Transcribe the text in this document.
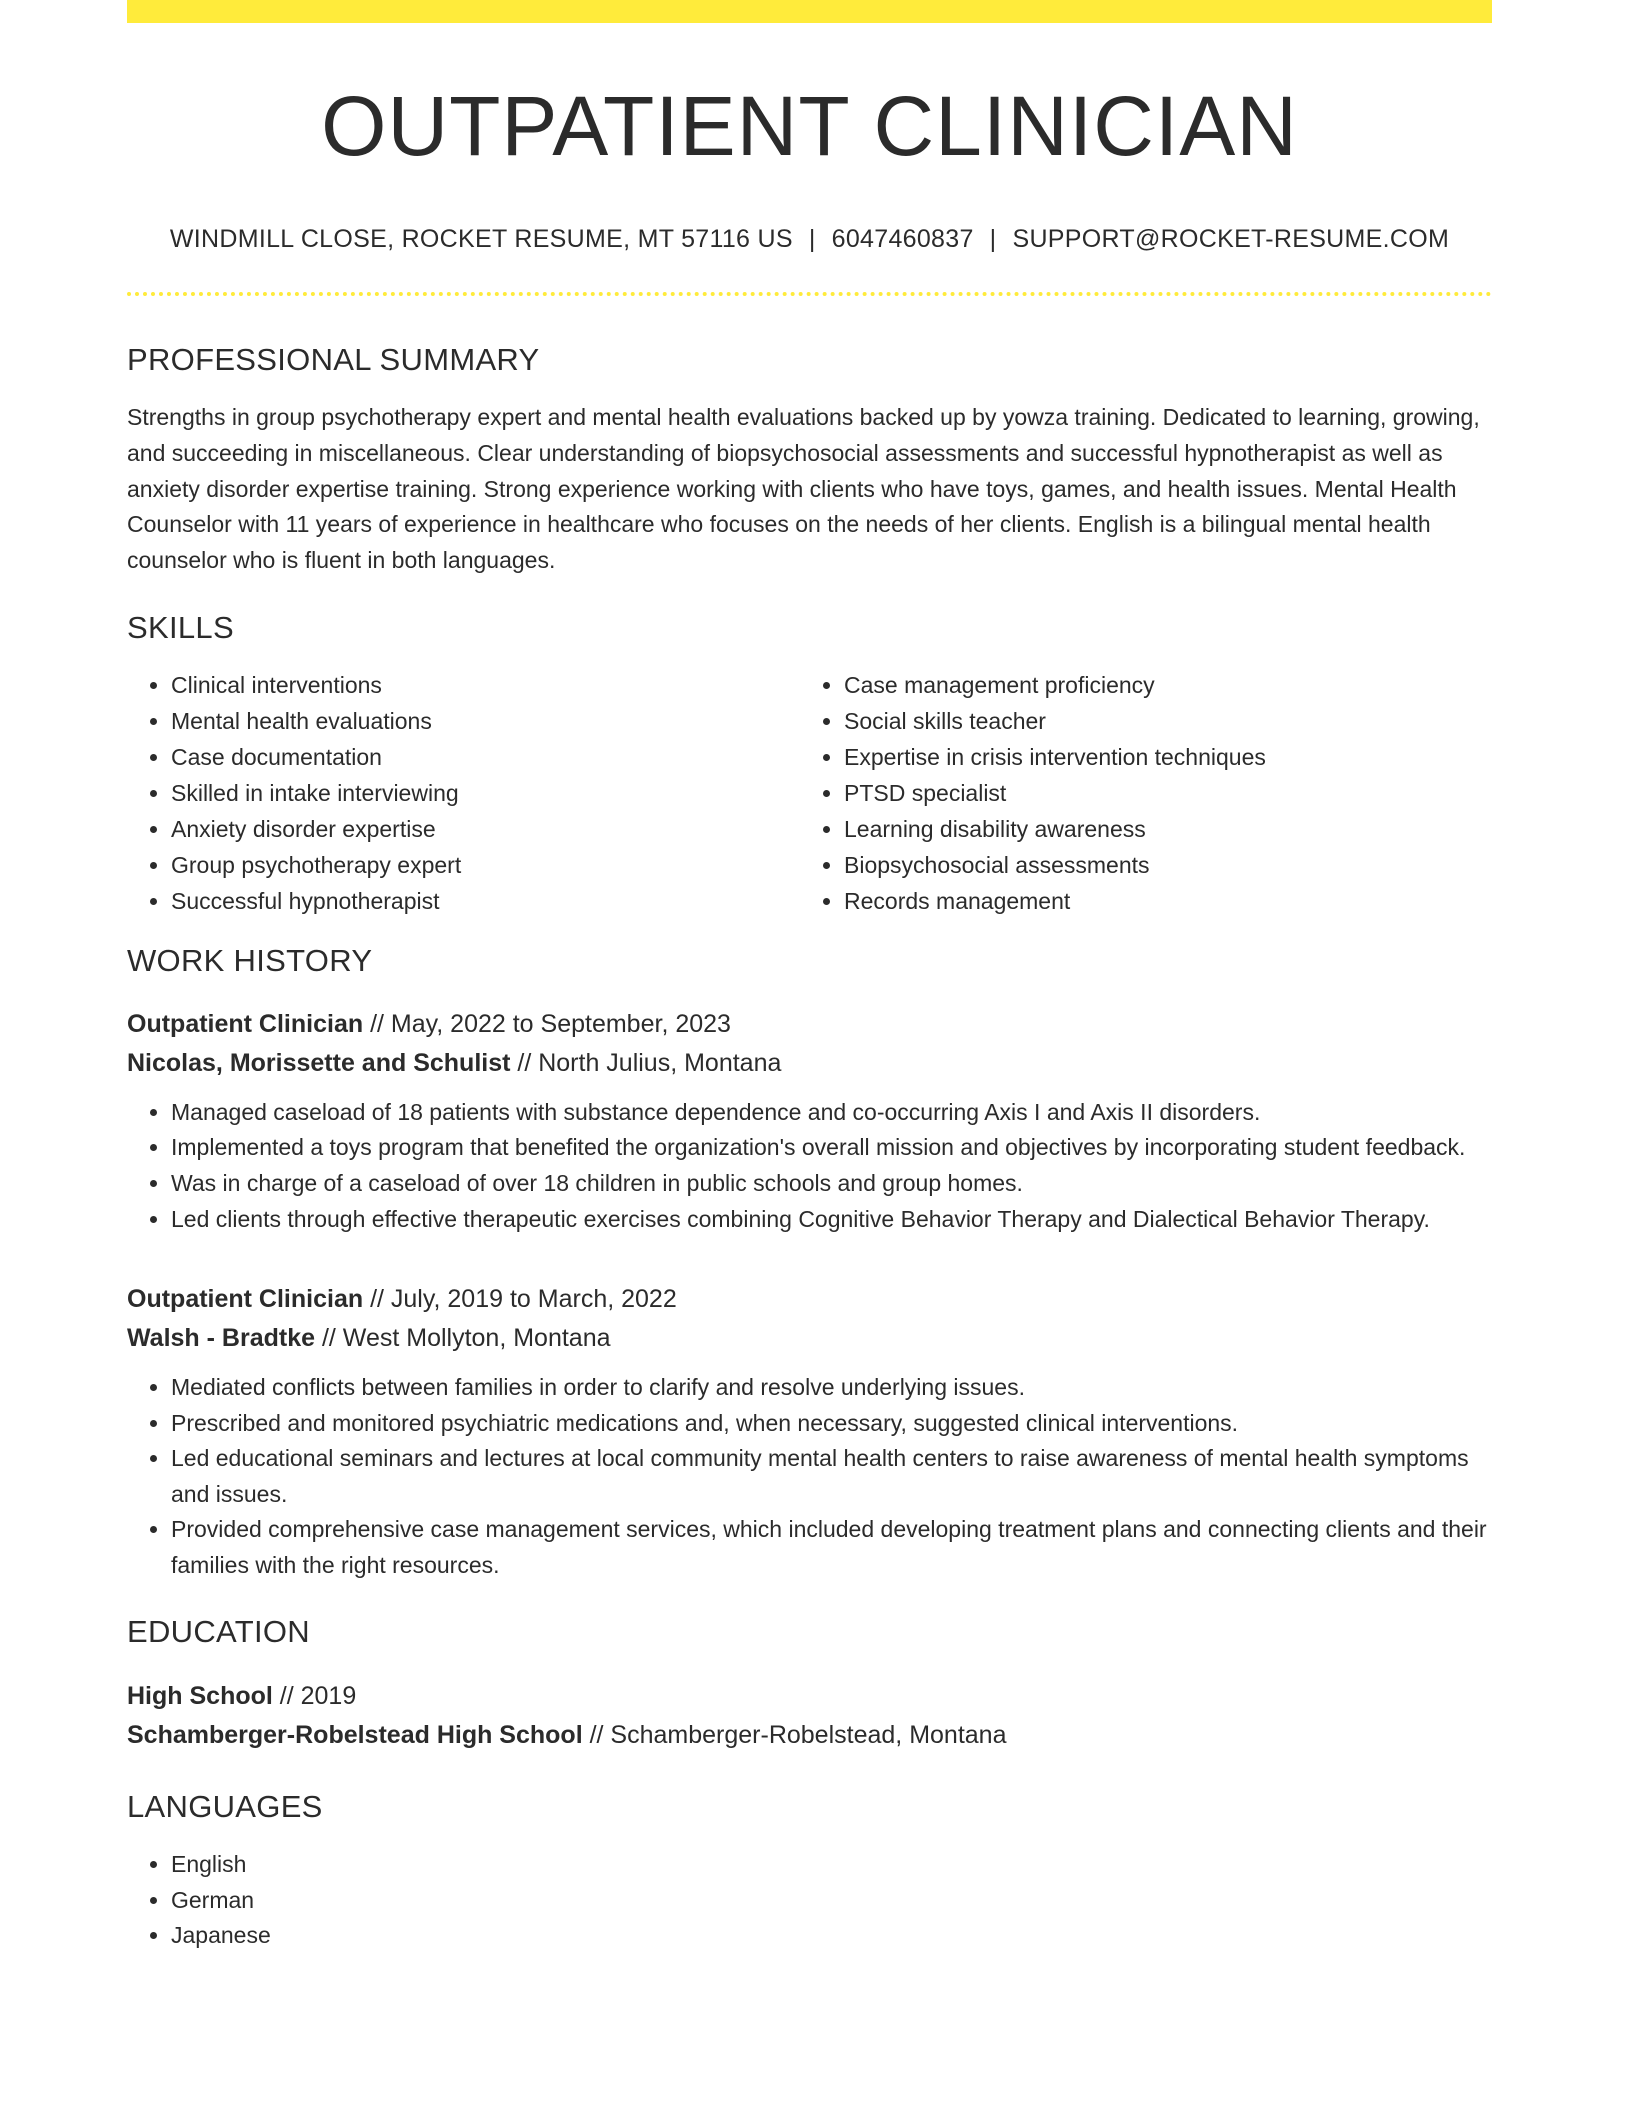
OUTPATIENT CLINICIAN
WINDMILL CLOSE, ROCKET RESUME, MT 57116 US | 6047460837 | SUPPORT@ROCKET-RESUME.COM
PROFESSIONAL SUMMARY
Strengths in group psychotherapy expert and mental health evaluations backed up by yowza training. Dedicated to learning, growing, and succeeding in miscellaneous. Clear understanding of biopsychosocial assessments and successful hypnotherapist as well as anxiety disorder expertise training. Strong experience working with clients who have toys, games, and health issues. Mental Health Counselor with 11 years of experience in healthcare who focuses on the needs of her clients. English is a bilingual mental health counselor who is fluent in both languages.
SKILLS
• Clinical interventions
• Mental health evaluations
• Case documentation
• Skilled in intake interviewing
• Anxiety disorder expertise
• Group psychotherapy expert
• Successful hypnotherapist
• Case management proficiency
• Social skills teacher
• Expertise in crisis intervention techniques
• PTSD specialist
• Learning disability awareness
• Biopsychosocial assessments
• Records management
WORK HISTORY
Outpatient Clinician // May, 2022 to September, 2023
Nicolas, Morissette and Schulist // North Julius, Montana
• Managed caseload of 18 patients with substance dependence and co-occurring Axis I and Axis II disorders.
• Implemented a toys program that benefited the organization's overall mission and objectives by incorporating student feedback.
• Was in charge of a caseload of over 18 children in public schools and group homes.
• Led clients through effective therapeutic exercises combining Cognitive Behavior Therapy and Dialectical Behavior Therapy.
Outpatient Clinician // July, 2019 to March, 2022
Walsh - Bradtke // West Mollyton, Montana
• Mediated conflicts between families in order to clarify and resolve underlying issues.
• Prescribed and monitored psychiatric medications and, when necessary, suggested clinical interventions.
• Led educational seminars and lectures at local community mental health centers to raise awareness of mental health symptoms and issues.
• Provided comprehensive case management services, which included developing treatment plans and connecting clients and their families with the right resources.
EDUCATION
High School // 2019
Schamberger-Robelstead High School // Schamberger-Robelstead, Montana
LANGUAGES
• English
• German
• Japanese
